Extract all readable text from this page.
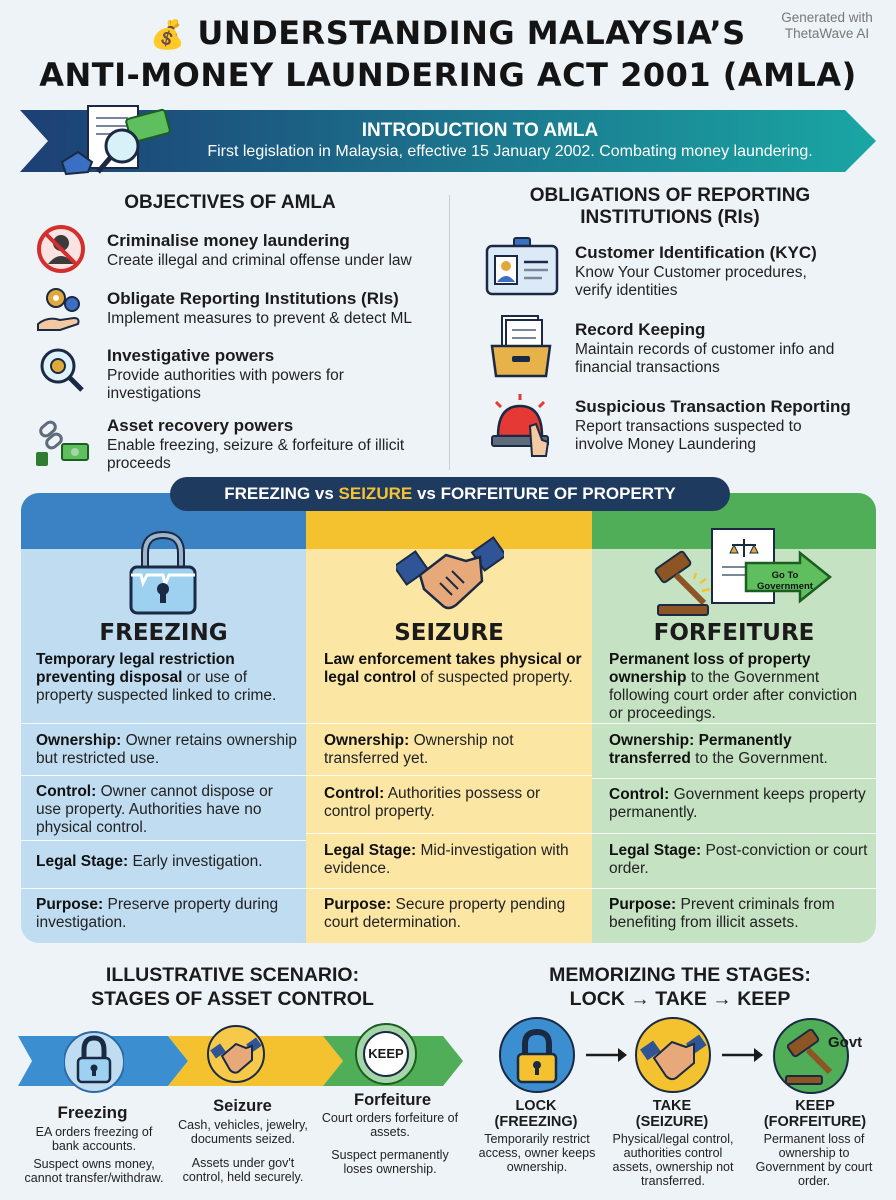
💰 UNDERSTANDING MALAYSIA’S
ANTI-MONEY LAUNDERING ACT 2001 (AMLA)
Generated with ThetaWave AI
INTRODUCTION TO AMLA
First legislation in Malaysia, effective 15 January 2002. Combating money laundering.
OBJECTIVES OF AMLA
Criminalise money laundering
Create illegal and criminal offense under law
Obligate Reporting Institutions (RIs)
Implement measures to prevent & detect ML
Investigative powers
Provide authorities with powers for investigations
Asset recovery powers
Enable freezing, seizure & forfeiture of illicit proceeds
OBLIGATIONS OF REPORTING INSTITUTIONS (RIs)
Customer Identification (KYC)
Know Your Customer procedures, verify identities
Record Keeping
Maintain records of customer info and financial transactions
Suspicious Transaction Reporting
Report transactions suspected to involve Money Laundering
FREEZING
Temporary legal restriction preventing disposal or use of property suspected linked to crime.
Ownership: Owner retains ownership but restricted use.
Control: Owner cannot dispose or use property. Authorities have no physical control.
Legal Stage: Early investigation.
Purpose: Preserve property during investigation.
SEIZURE
Law enforcement takes physical or legal control of suspected property.
Ownership: Ownership not transferred yet.
Control: Authorities possess or control property.
Legal Stage: Mid-investigation with evidence.
Purpose: Secure property pending court determination.
Go To Government
FORFEITURE
Permanent loss of property ownership to the Government following court order after conviction or proceedings.
Ownership: Permanently transferred to the Government.
Control: Government keeps property permanently.
Legal Stage: Post-conviction or court order.
Purpose: Prevent criminals from benefiting from illicit assets.
FREEZING vs SEIZURE vs FORFEITURE OF PROPERTY
ILLUSTRATIVE SCENARIO:
STAGES OF ASSET CONTROL
KEEP
Freezing
EA orders freezing of bank accounts.
Suspect owns money, cannot transfer/withdraw.
Seizure
Cash, vehicles, jewelry, documents seized.
Assets under gov't control, held securely.
Forfeiture
Court orders forfeiture of assets.
Suspect permanently loses ownership.
MEMORIZING THE STAGES:
LOCK → TAKE → KEEP
Govt
LOCK
(FREEZING)
Temporarily restrict access, owner keeps ownership.
TAKE
(SEIZURE)
Physical/legal control, authorities control assets, ownership not transferred.
KEEP
(FORFEITURE)
Permanent loss of ownership to Government by court order.
